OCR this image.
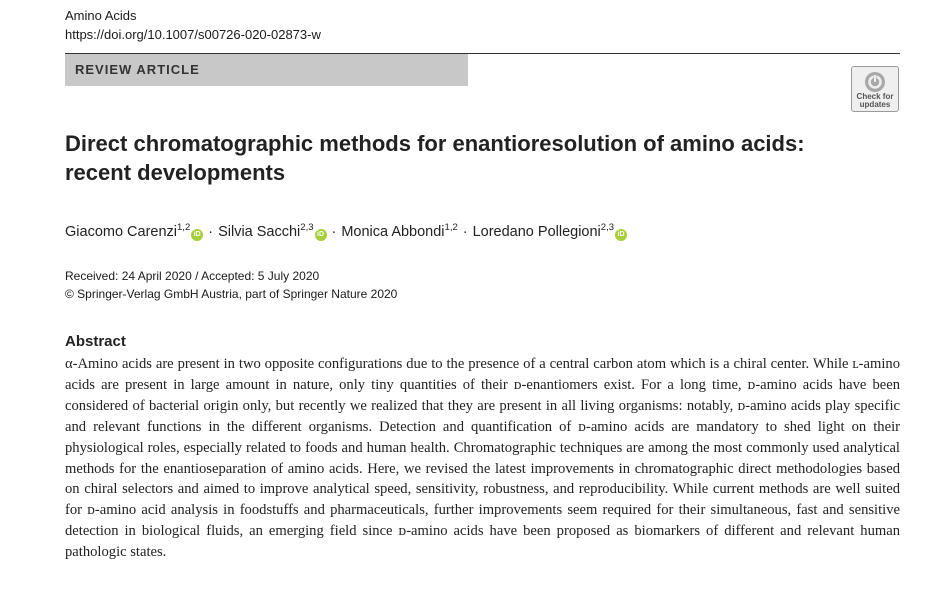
Amino Acids
https://doi.org/10.1007/s00726-020-02873-w
REVIEW ARTICLE
Check for
updates
Direct chromatographic methods for enantioresolution of amino acids: recent developments
Giacomo Carenzi$^{1,2}$iD · Silvia Sacchi$^{2,3}$iD · Monica Abbondi$^{1,2}$ · Loredano Pollegioni$^{2,3}$iD
Received: 24 April 2020 / Accepted: 5 July 2020
© Springer-Verlag GmbH Austria, part of Springer Nature 2020
Abstract
α-Amino acids are present in two opposite configurations due to the presence of a central carbon atom which is a chiral center. While ʟ-amino acids are present in large amount in nature, only tiny quantities of their ᴅ-enantiomers exist. For a long time, ᴅ-amino acids have been considered of bacterial origin only, but recently we realized that they are present in all living organisms: notably, ᴅ-amino acids play specific and relevant functions in the different organisms. Detection and quantification of ᴅ-amino acids are mandatory to shed light on their physiological roles, especially related to foods and human health. Chromatographic techniques are among the most commonly used analytical methods for the enantioseparation of amino acids. Here, we revised the latest improvements in chromatographic direct methodologies based on chiral selectors and aimed to improve analytical speed, sensitivity, robustness, and reproducibility. While current methods are well suited for ᴅ-amino acid analysis in foodstuffs and pharmaceuticals, further improvements seem required for their simultaneous, fast and sensitive detection in biological fluids, an emerging field since ᴅ-amino acids have been proposed as biomarkers of different and relevant human pathologic states.
